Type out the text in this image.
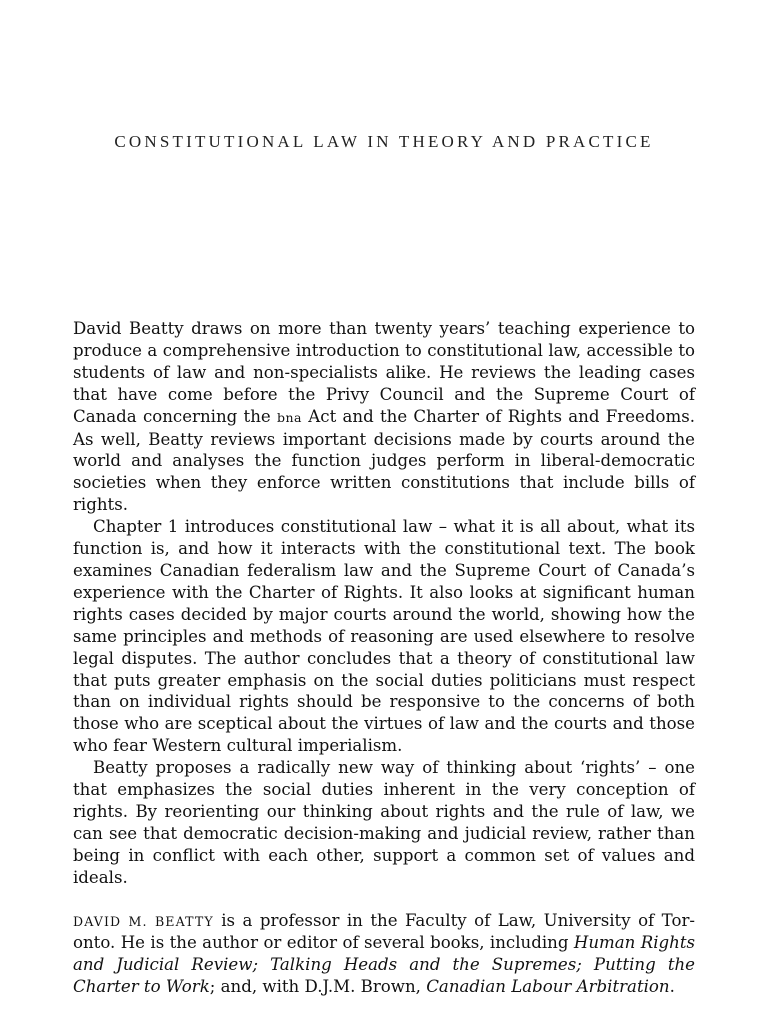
CONSTITUTIONAL LAW IN THEORY AND PRACTICE

David Beatty draws on more than twenty years’ teaching experience to produce a comprehensive introduction to constitutional law, accessible to students of law and non-specialists alike. He reviews the leading cases that have come before the Privy Council and the Supreme Court of Canada concerning the bna Act and the Charter of Rights and Freedoms. As well, Beatty reviews important decisions made by courts around the world and analyses the function judges perform in liberal-democratic societies when they enforce written constitutions that include bills of rights.

Chapter 1 introduces constitutional law – what it is all about, what its function is, and how it interacts with the constitutional text. The book examines Canadian federalism law and the Supreme Court of Canada’s experience with the Charter of Rights. It also looks at significant human rights cases decided by major courts around the world, showing how the same principles and methods of reasoning are used elsewhere to resolve legal disputes. The author concludes that a theory of constitutional law that puts greater emphasis on the social duties politicians must respect than on individual rights should be responsive to the concerns of both those who are sceptical about the virtues of law and the courts and those who fear Western cultural imperialism.

Beatty proposes a radically new way of thinking about ‘rights’ – one that emphasizes the social duties inherent in the very conception of rights. By reorienting our thinking about rights and the rule of law, we can see that democratic decision-making and judicial review, rather than being in conflict with each other, support a common set of values and ideals.

DAVID M. BEATTY is a professor in the Faculty of Law, University of Toronto. He is the author or editor of several books, including Human Rights and Judicial Review; Talking Heads and the Supremes; Putting the Charter to Work; and, with D.J.M. Brown, Canadian Labour Arbitration.
